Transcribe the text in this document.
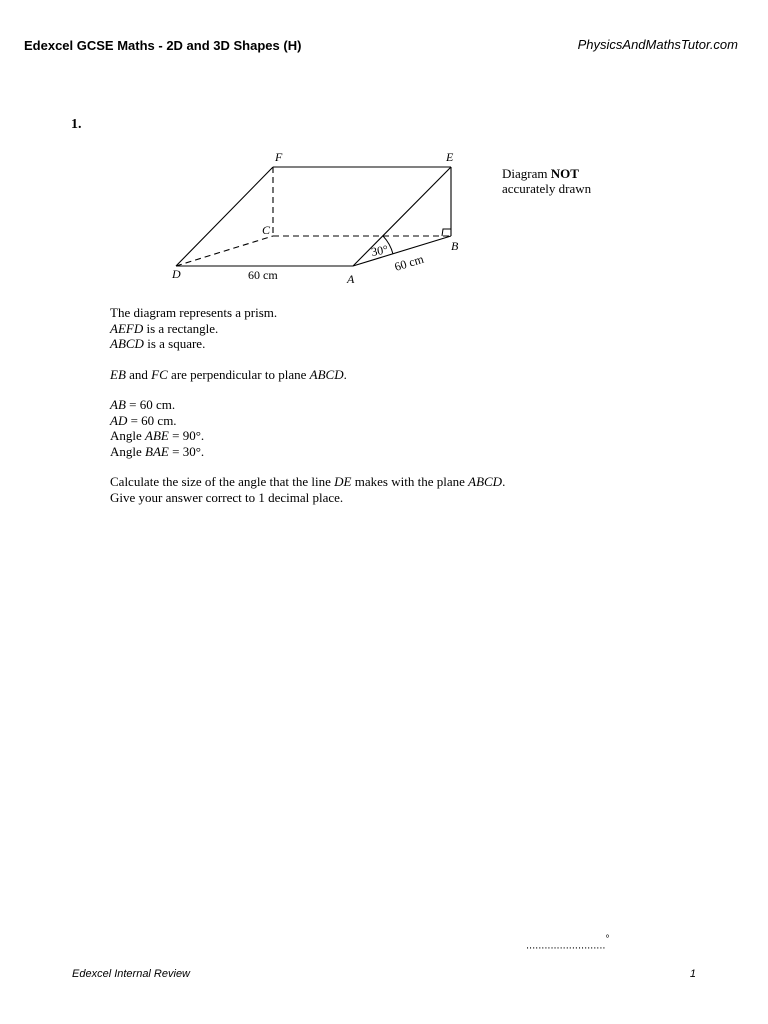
Edexcel GCSE Maths - 2D and 3D Shapes (H)	PhysicsAndMathsTutor.com
1.
F	E
C
B
D	A
60 cm
60 cm
30°
Diagram NOT
accurately drawn

The diagram represents a prism.
AEFD is a rectangle.
ABCD is a square.

EB and FC are perpendicular to plane ABCD.

AB = 60 cm.
AD = 60 cm.
Angle ABE = 90°.
Angle BAE = 30°.

Calculate the size of the angle that the line DE makes with the plane ABCD.
Give your answer correct to 1 decimal place.

..........................°
Edexcel Internal Review	1
